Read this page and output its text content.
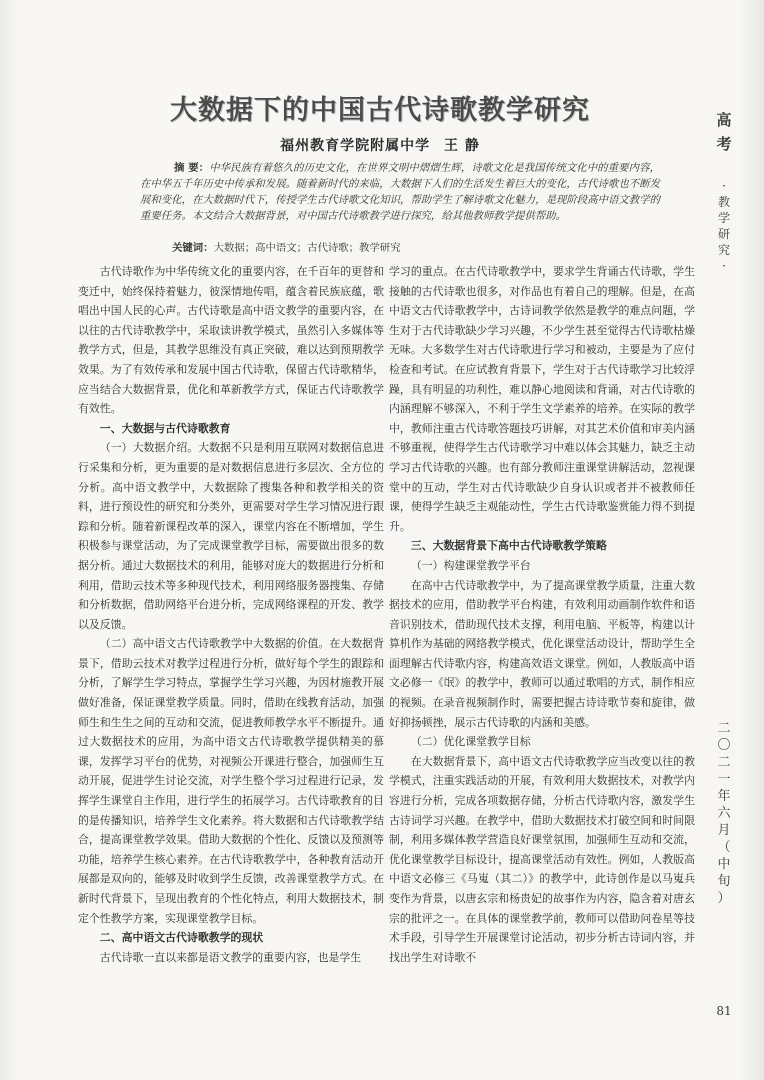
大数据下的中国古代诗歌教学研究
福州教育学院附属中学 王 静
摘 要：中华民族有着悠久的历史文化，在世界文明中熠熠生辉，诗歌文化是我国传统文化中的重要内容，在中华五千年历史中传承和发展。随着新时代的来临，大数据下人们的生活发生着巨大的变化，古代诗歌也不断发展和变化，在大数据时代下，传授学生古代诗歌文化知识，帮助学生了解诗歌文化魅力，是现阶段高中语文教学的重要任务。本文结合大数据背景，对中国古代诗歌教学进行探究，给其他教师教学提供帮助。
关键词：大数据；高中语文；古代诗歌；教学研究

古代诗歌作为中华传统文化的重要内容，在千百年的更替和变迁中，始终保持着魅力，彼深情地传唱，蕴含着民族底蕴，歌唱出中国人民的心声。古代诗歌是高中语文教学的重要内容，在以往的古代诗歌教学中，采取读讲教学模式，虽然引入多媒体等教学方式，但是，其教学思维没有真正突破，难以达到预期教学效果。为了有效传承和发展中国古代诗歌，保留古代诗歌精华，应当结合大数据背景，优化和革新教学方式，保证古代诗歌教学有效性。

一、大数据与古代诗歌教育

（一）大数据介绍。大数据不只是利用互联网对数据信息进行采集和分析，更为重要的是对数据信息进行多层次、全方位的分析。高中语文教学中，大数据除了搜集各种和教学相关的资料，进行预设性的研究和分类外，更需要对学生学习情况进行跟踪和分析。随着新课程改革的深入，课堂内容在不断增加，学生积极参与课堂活动，为了完成课堂教学目标，需要做出很多的数据分析。通过大数据技术的利用，能够对庞大的数据进行分析和利用，借助云技术等多种现代技术，利用网络服务器搜集、存储和分析数据，借助网络平台进分析，完成网络课程的开发、教学以及反馈。

（二）高中语文古代诗歌教学中大数据的价值。在大数据背景下，借助云技术对教学过程进行分析，做好每个学生的跟踪和分析，了解学生学习特点，掌握学生学习兴趣，为因材施教开展做好准备，保证课堂教学质量。同时，借助在线教育活动，加强师生和生生之间的互动和交流，促进教师教学水平不断提升。通过大数据技术的应用，为高中语文古代诗歌教学提供精美的慕课，发挥学习平台的优势，对视频公开课进行整合，加强师生互动开展，促进学生讨论交流，对学生整个学习过程进行记录，发挥学生课堂自主作用，进行学生的拓展学习。古代诗歌教育的目的是传播知识，培养学生文化素养。将大数据和古代诗歌教学结合，提高课堂教学效果。借助大数据的个性化、反馈以及预测等功能，培养学生核心素养。在古代诗歌教学中，各种教育活动开展都是双向的，能够及时收到学生反馈，改善课堂教学方式。在新时代背景下，呈现出教育的个性化特点，利用大数据技术，制定个性教学方案，实现课堂教学目标。

二、高中语文古代诗歌教学的现状

古代诗歌一直以来都是语文教学的重要内容，也是学生

学习的重点。在古代诗歌教学中，要求学生背诵古代诗歌，学生接触的古代诗歌也很多，对作品也有着自己的理解。但是，在高中语文古代诗歌教学中，古诗词教学依然是教学的难点问题，学生对于古代诗歌缺少学习兴趣，不少学生甚至觉得古代诗歌枯燥无味。大多数学生对古代诗歌进行学习和被动，主要是为了应付检查和考试。在应试教育背景下，学生对于古代诗歌学习比较浮躁，具有明显的功利性，难以静心地阅读和背诵，对古代诗歌的内涵理解不够深入，不利于学生文学素养的培养。在实际的教学中，教师注重古代诗歌答题技巧讲解，对其艺术价值和审美内涵不够重视，使得学生古代诗歌学习中难以体会其魅力，缺乏主动学习古代诗歌的兴趣。也有部分教师注重课堂讲解活动，忽视课堂中的互动，学生对古代诗歌缺少自身认识或者并不被教师任课，使得学生缺乏主观能动性，学生古代诗歌鉴赏能力得不到提升。

三、大数据背景下高中古代诗歌教学策略
（一）构建课堂教学平台

在高中古代诗歌教学中，为了提高课堂教学质量，注重大数据技术的应用，借助教学平台构建，有效利用动画制作软件和语音识别技术，借助现代技术支撑，利用电脑、平板等，构建以计算机作为基础的网络教学模式，优化课堂活动设计，帮助学生全面理解古代诗歌内容，构建高效语文课堂。例如，人教版高中语文必修一《氓》的教学中，教师可以通过歌唱的方式，制作相应的视频。在录音视频制作时，需要把握古诗诗歌节奏和旋律，做好抑扬顿挫，展示古代诗歌的内涵和美感。

（二）优化课堂教学目标

在大数据背景下，高中语文古代诗歌教学应当改变以往的教学模式，注重实践活动的开展，有效利用大数据技术，对教学内容进行分析，完成各项数据存储，分析古代诗歌内容，激发学生古诗词学习兴趣。在教学中，借助大数据技术打破空间和时间限制，利用多媒体教学营造良好课堂氛围，加强师生互动和交流，优化课堂教学目标设计，提高课堂活动有效性。例如，人教版高中语文必修三《马嵬（其二）》的教学中，此诗创作是以马嵬兵变作为背景，以唐玄宗和杨贵妃的故事作为内容，隐含着对唐玄宗的批评之一。在具体的课堂教学前，教师可以借助问卷星等技术手段，引导学生开展课堂讨论活动，初步分析古诗词内容，并找出学生对诗歌不

高
考
·
教
学
研
究
·
二
〇
二
一
年
六
月
（
中
旬
）
81
